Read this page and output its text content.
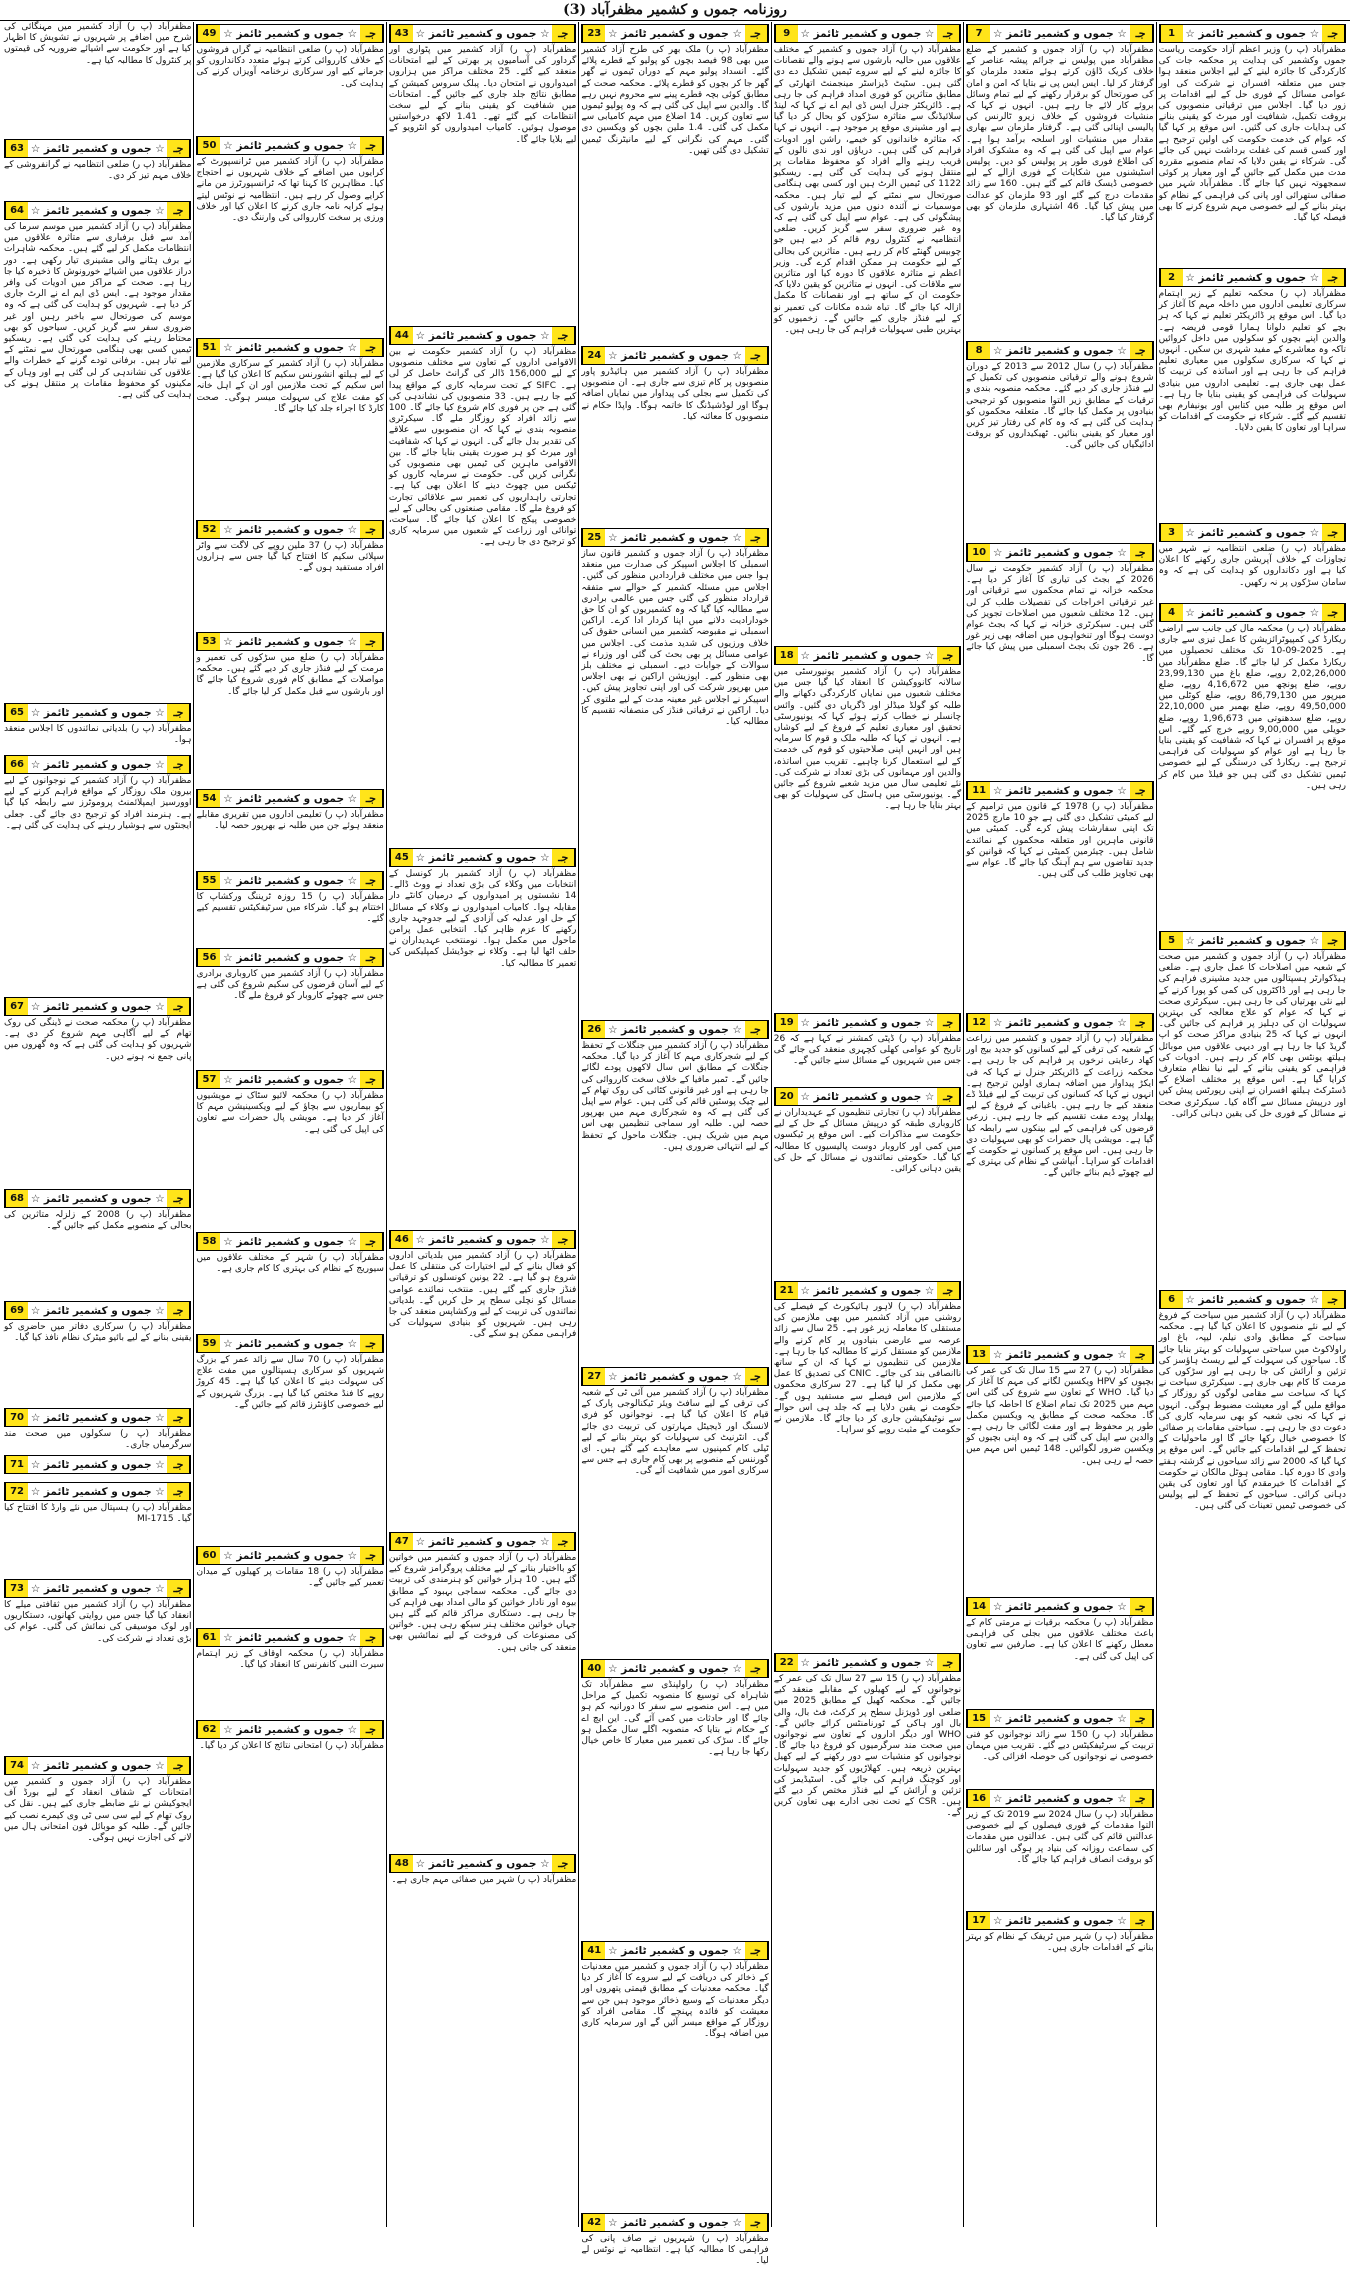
روزنامہ جموں و کشمیر مظفرآباد (3)
1 ☆ جموں و کشمیر ٹائمز ☆ جـ
مظفرآباد (پ ر) وزیر اعظم آزاد حکومت ریاست جموں وکشمیر کی ہدایت پر محکمہ جات کی کارکردگی کا جائزہ لینے کے لیے اجلاس منعقد ہوا جس میں متعلقہ افسران نے شرکت کی اور عوامی مسائل کے فوری حل کے لیے اقدامات پر زور دیا گیا۔ اجلاس میں ترقیاتی منصوبوں کی بروقت تکمیل، شفافیت اور میرٹ کو یقینی بنانے کی ہدایات جاری کی گئیں۔ اس موقع پر کہا گیا کہ عوام کی خدمت حکومت کی اولین ترجیح ہے اور کسی قسم کی غفلت برداشت نہیں کی جائے گی۔ شرکاء نے یقین دلایا کہ تمام منصوبے مقررہ مدت میں مکمل کیے جائیں گے اور معیار پر کوئی سمجھوتہ نہیں کیا جائے گا۔ مظفرآباد شہر میں صفائی ستھرائی اور پانی کی فراہمی کے نظام کو بہتر بنانے کے لیے خصوصی مہم شروع کرنے کا بھی فیصلہ کیا گیا۔
2 ☆ جموں و کشمیر ٹائمز ☆ جـ
مظفرآباد (پ ر) محکمہ تعلیم کے زیر اہتمام سرکاری تعلیمی اداروں میں داخلہ مہم کا آغاز کر دیا گیا۔ اس موقع پر ڈائریکٹر تعلیم نے کہا کہ ہر بچے کو تعلیم دلوانا ہمارا قومی فریضہ ہے۔ والدین اپنے بچوں کو سکولوں میں داخل کروائیں تاکہ وہ معاشرے کے مفید شہری بن سکیں۔ انہوں نے کہا کہ سرکاری سکولوں میں معیاری تعلیم فراہم کی جا رہی ہے اور اساتذہ کی تربیت کا عمل بھی جاری ہے۔ تعلیمی اداروں میں بنیادی سہولیات کی فراہمی کو یقینی بنایا جا رہا ہے۔ اس موقع پر طلبہ میں کتابیں اور یونیفارم بھی تقسیم کیے گئے۔ شرکاء نے حکومت کے اقدامات کو سراہا اور تعاون کا یقین دلایا۔
3 ☆ جموں و کشمیر ٹائمز ☆ جـ
مظفرآباد (پ ر) ضلعی انتظامیہ نے شہر میں تجاوزات کے خلاف آپریشن جاری رکھنے کا اعلان کیا ہے اور دکانداروں کو ہدایت کی ہے کہ وہ سامان سڑکوں پر نہ رکھیں۔
4 ☆ جموں و کشمیر ٹائمز ☆ جـ
مظفرآباد (پ ر) محکمہ مال کی جانب سے اراضی ریکارڈ کی کمپیوٹرائزیشن کا عمل تیزی سے جاری ہے۔ 2025-09-10 تک مختلف تحصیلوں میں ریکارڈ مکمل کر لیا جائے گا۔ ضلع مظفرآباد میں 2,02,26,000 روپے، ضلع باغ میں 23,99,130 روپے، ضلع پونچھ میں 4,16,672 روپے، ضلع میرپور میں 86,79,130 روپے، ضلع کوٹلی میں 49,50,000 روپے، ضلع بھمبر میں 22,10,000 روپے، ضلع سدھنوتی میں 1,96,673 روپے، ضلع حویلی میں 9,00,000 روپے خرچ کیے گئے۔ اس موقع پر افسران نے کہا کہ شفافیت کو یقینی بنایا جا رہا ہے اور عوام کو سہولیات کی فراہمی ترجیح ہے۔ ریکارڈ کی درستگی کے لیے خصوصی ٹیمیں تشکیل دی گئی ہیں جو فیلڈ میں کام کر رہی ہیں۔
5 ☆ جموں و کشمیر ٹائمز ☆ جـ
مظفرآباد (پ ر) آزاد جموں و کشمیر میں صحت کے شعبہ میں اصلاحات کا عمل جاری ہے۔ ضلعی ہیڈکوارٹر ہسپتالوں میں جدید مشینری فراہم کی جا رہی ہے اور ڈاکٹروں کی کمی کو پورا کرنے کے لیے نئی بھرتیاں کی جا رہی ہیں۔ سیکرٹری صحت نے کہا کہ عوام کو علاج معالجہ کی بہترین سہولیات ان کی دہلیز پر فراہم کی جائیں گی۔ انہوں نے کہا کہ 25 بنیادی مراکز صحت کو اپ گریڈ کیا جا رہا ہے اور دیہی علاقوں میں موبائل ہیلتھ یونٹس بھی کام کر رہے ہیں۔ ادویات کی فراہمی کو یقینی بنانے کے لیے نیا نظام متعارف کرایا گیا ہے۔ اس موقع پر مختلف اضلاع کے ڈسٹرکٹ ہیلتھ افسران نے اپنی رپورٹس پیش کیں اور درپیش مسائل سے آگاہ کیا۔ سیکرٹری صحت نے مسائل کے فوری حل کی یقین دہانی کرائی۔
6 ☆ جموں و کشمیر ٹائمز ☆ جـ
مظفرآباد (پ ر) آزاد کشمیر میں سیاحت کے فروغ کے لیے نئے منصوبوں کا اعلان کیا گیا ہے۔ محکمہ سیاحت کے مطابق وادی نیلم، لیپہ، باغ اور راولاکوٹ میں سیاحتی سہولیات کو بہتر بنایا جائے گا۔ سیاحوں کی سہولت کے لیے ریسٹ ہاؤسز کی تزئین و آرائش کی جا رہی ہے اور سڑکوں کی مرمت کا کام بھی جاری ہے۔ سیکرٹری سیاحت نے کہا کہ سیاحت سے مقامی لوگوں کو روزگار کے مواقع ملیں گے اور معیشت مضبوط ہوگی۔ انہوں نے کہا کہ نجی شعبہ کو بھی سرمایہ کاری کی دعوت دی جا رہی ہے۔ سیاحتی مقامات پر صفائی کا خصوصی خیال رکھا جائے گا اور ماحولیات کے تحفظ کے لیے اقدامات کیے جائیں گے۔ اس موقع پر کہا گیا کہ 2000 سے زائد سیاحوں نے گزشتہ ہفتے وادی کا دورہ کیا۔ مقامی ہوٹل مالکان نے حکومت کے اقدامات کا خیرمقدم کیا اور تعاون کی یقین دہانی کرائی۔ سیاحوں کے تحفظ کے لیے پولیس کی خصوصی ٹیمیں تعینات کی گئی ہیں۔
7 ☆ جموں و کشمیر ٹائمز ☆ جـ
مظفرآباد (پ ر) آزاد جموں و کشمیر کے ضلع مظفرآباد میں پولیس نے جرائم پیشہ عناصر کے خلاف کریک ڈاؤن کرتے ہوئے متعدد ملزمان کو گرفتار کر لیا۔ ایس ایس پی نے بتایا کہ امن و امان کی صورتحال کو برقرار رکھنے کے لیے تمام وسائل بروئے کار لائے جا رہے ہیں۔ انہوں نے کہا کہ منشیات فروشوں کے خلاف زیرو ٹالرنس کی پالیسی اپنائی گئی ہے۔ گرفتار ملزمان سے بھاری مقدار میں منشیات اور اسلحہ برآمد ہوا ہے۔ عوام سے اپیل کی گئی ہے کہ وہ مشکوک افراد کی اطلاع فوری طور پر پولیس کو دیں۔ پولیس اسٹیشنوں میں شکایات کے فوری ازالے کے لیے خصوصی ڈیسک قائم کیے گئے ہیں۔ 160 سے زائد مقدمات درج کیے گئے اور 93 ملزمان کو عدالت میں پیش کیا گیا۔ 46 اشتہاری ملزمان کو بھی گرفتار کیا گیا۔
8 ☆ جموں و کشمیر ٹائمز ☆ جـ
مظفرآباد (پ ر) سال 2012 سے 2013 کے دوران شروع ہونے والے ترقیاتی منصوبوں کی تکمیل کے لیے فنڈز جاری کر دیے گئے۔ محکمہ منصوبہ بندی و ترقیات کے مطابق زیر التوا منصوبوں کو ترجیحی بنیادوں پر مکمل کیا جائے گا۔ متعلقہ محکموں کو ہدایت کی گئی ہے کہ وہ کام کی رفتار تیز کریں اور معیار کو یقینی بنائیں۔ ٹھیکیداروں کو بروقت ادائیگیاں کی جائیں گی۔
10 ☆ جموں و کشمیر ٹائمز ☆ جـ
مظفرآباد (پ ر) آزاد کشمیر حکومت نے سال 2026 کے بجٹ کی تیاری کا آغاز کر دیا ہے۔ محکمہ خزانہ نے تمام محکموں سے ترقیاتی اور غیر ترقیاتی اخراجات کی تفصیلات طلب کر لی ہیں۔ 12 مختلف شعبوں میں اصلاحات تجویز کی گئی ہیں۔ سیکرٹری خزانہ نے کہا کہ بجٹ عوام دوست ہوگا اور تنخواہوں میں اضافہ بھی زیر غور ہے۔ 26 جون تک بجٹ اسمبلی میں پیش کیا جائے گا۔
11 ☆ جموں و کشمیر ٹائمز ☆ جـ
مظفرآباد (پ ر) 1978 کے قانون میں ترامیم کے لیے کمیٹی تشکیل دی گئی ہے جو 10 مارچ 2025 تک اپنی سفارشات پیش کرے گی۔ کمیٹی میں قانونی ماہرین اور متعلقہ محکموں کے نمائندے شامل ہیں۔ چیئرمین کمیٹی نے کہا کہ قوانین کو جدید تقاضوں سے ہم آہنگ کیا جائے گا۔ عوام سے بھی تجاویز طلب کی گئی ہیں۔
12 ☆ جموں و کشمیر ٹائمز ☆ جـ
مظفرآباد (پ ر) آزاد جموں و کشمیر میں زراعت کے شعبہ کی ترقی کے لیے کسانوں کو جدید بیج اور کھاد رعایتی نرخوں پر فراہم کی جا رہی ہے۔ محکمہ زراعت کے ڈائریکٹر جنرل نے کہا کہ فی ایکڑ پیداوار میں اضافہ ہماری اولین ترجیح ہے۔ انہوں نے کہا کہ کسانوں کی تربیت کے لیے فیلڈ ڈے منعقد کیے جا رہے ہیں۔ باغبانی کے فروغ کے لیے پھلدار پودے مفت تقسیم کیے جا رہے ہیں۔ زرعی قرضوں کی فراہمی کے لیے بینکوں سے رابطہ کیا گیا ہے۔ مویشی پال حضرات کو بھی سہولیات دی جا رہی ہیں۔ اس موقع پر کسانوں نے حکومت کے اقدامات کو سراہا۔ آبپاشی کے نظام کی بہتری کے لیے چھوٹے ڈیم بنائے جائیں گے۔
13 ☆ جموں و کشمیر ٹائمز ☆ جـ
مظفرآباد (پ ر) 27 سے 15 سال تک کی عمر کی بچیوں کو HPV ویکسین لگانے کی مہم کا آغاز کر دیا گیا۔ WHO کے تعاون سے شروع کی گئی اس مہم میں 2025 تک تمام اضلاع کا احاطہ کیا جائے گا۔ محکمہ صحت کے مطابق یہ ویکسین مکمل طور پر محفوظ ہے اور مفت لگائی جا رہی ہے۔ والدین سے اپیل کی گئی ہے کہ وہ اپنی بچیوں کو ویکسین ضرور لگوائیں۔ 148 ٹیمیں اس مہم میں حصہ لے رہی ہیں۔
14 ☆ جموں و کشمیر ٹائمز ☆ جـ
مظفرآباد (پ ر) محکمہ برقیات نے مرمتی کام کے باعث مختلف علاقوں میں بجلی کی فراہمی معطل رکھنے کا اعلان کیا ہے۔ صارفین سے تعاون کی اپیل کی گئی ہے۔
15 ☆ جموں و کشمیر ٹائمز ☆ جـ
مظفرآباد (پ ر) 150 سے زائد نوجوانوں کو فنی تربیت کے سرٹیفکیٹس دیے گئے۔ تقریب میں مہمان خصوصی نے نوجوانوں کی حوصلہ افزائی کی۔
16 ☆ جموں و کشمیر ٹائمز ☆ جـ
مظفرآباد (پ ر) سال 2024 سے 2019 تک کے زیر التوا مقدمات کے فوری فیصلوں کے لیے خصوصی عدالتیں قائم کی گئی ہیں۔ عدالتوں میں مقدمات کی سماعت روزانہ کی بنیاد پر ہوگی اور سائلین کو بروقت انصاف فراہم کیا جائے گا۔
17 ☆ جموں و کشمیر ٹائمز ☆ جـ
مظفرآباد (پ ر) شہر میں ٹریفک کے نظام کو بہتر بنانے کے اقدامات جاری ہیں۔
9 ☆ جموں و کشمیر ٹائمز ☆ جـ
مظفرآباد (پ ر) آزاد جموں و کشمیر کے مختلف علاقوں میں حالیہ بارشوں سے ہونے والے نقصانات کا جائزہ لینے کے لیے سروے ٹیمیں تشکیل دے دی گئی ہیں۔ سٹیٹ ڈیزاسٹر مینجمنٹ اتھارٹی کے مطابق متاثرین کو فوری امداد فراہم کی جا رہی ہے۔ ڈائریکٹر جنرل ایس ڈی ایم اے نے کہا کہ لینڈ سلائیڈنگ سے متاثرہ سڑکوں کو بحال کر دیا گیا ہے اور مشینری موقع پر موجود ہے۔ انہوں نے کہا کہ متاثرہ خاندانوں کو خیمے، راشن اور ادویات فراہم کی گئی ہیں۔ دریاؤں اور ندی نالوں کے قریب رہنے والے افراد کو محفوظ مقامات پر منتقل ہونے کی ہدایت کی گئی ہے۔ ریسکیو 1122 کی ٹیمیں الرٹ ہیں اور کسی بھی ہنگامی صورتحال سے نمٹنے کے لیے تیار ہیں۔ محکمہ موسمیات نے آئندہ دنوں میں مزید بارشوں کی پیشگوئی کی ہے۔ عوام سے اپیل کی گئی ہے کہ وہ غیر ضروری سفر سے گریز کریں۔ ضلعی انتظامیہ نے کنٹرول روم قائم کر دیے ہیں جو چوبیس گھنٹے کام کر رہے ہیں۔ متاثرین کی بحالی کے لیے حکومت ہر ممکن اقدام کرے گی۔ وزیر اعظم نے متاثرہ علاقوں کا دورہ کیا اور متاثرین سے ملاقات کی۔ انہوں نے متاثرین کو یقین دلایا کہ حکومت ان کے ساتھ ہے اور نقصانات کا مکمل ازالہ کیا جائے گا۔ تباہ شدہ مکانات کی تعمیر نو کے لیے فنڈز جاری کیے جائیں گے۔ زخمیوں کو بہترین طبی سہولیات فراہم کی جا رہی ہیں۔
18 ☆ جموں و کشمیر ٹائمز ☆ جـ
مظفرآباد (پ ر) آزاد کشمیر یونیورسٹی میں سالانہ کانووکیشن کا انعقاد کیا گیا جس میں مختلف شعبوں میں نمایاں کارکردگی دکھانے والے طلبہ کو گولڈ میڈلز اور ڈگریاں دی گئیں۔ وائس چانسلر نے خطاب کرتے ہوئے کہا کہ یونیورسٹی تحقیق اور معیاری تعلیم کے فروغ کے لیے کوشاں ہے۔ انہوں نے کہا کہ طلبہ ملک و قوم کا سرمایہ ہیں اور انہیں اپنی صلاحیتوں کو قوم کی خدمت کے لیے استعمال کرنا چاہیے۔ تقریب میں اساتذہ، والدین اور مہمانوں کی بڑی تعداد نے شرکت کی۔ نئے تعلیمی سال میں مزید شعبے شروع کیے جائیں گے۔ یونیورسٹی میں ہاسٹل کی سہولیات کو بھی بہتر بنایا جا رہا ہے۔
19 ☆ جموں و کشمیر ٹائمز ☆ جـ
مظفرآباد (پ ر) ڈپٹی کمشنر نے کہا ہے کہ 26 تاریخ کو عوامی کھلی کچہری منعقد کی جائے گی جس میں شہریوں کے مسائل سنے جائیں گے۔
20 ☆ جموں و کشمیر ٹائمز ☆ جـ
مظفرآباد (پ ر) تجارتی تنظیموں کے عہدیداران نے کاروباری طبقہ کو درپیش مسائل کے حل کے لیے حکومت سے مذاکرات کیے۔ اس موقع پر ٹیکسوں میں کمی اور کاروبار دوست پالیسیوں کا مطالبہ کیا گیا۔ حکومتی نمائندوں نے مسائل کے حل کی یقین دہانی کرائی۔
21 ☆ جموں و کشمیر ٹائمز ☆ جـ
مظفرآباد (پ ر) لاہور ہائیکورٹ کے فیصلے کی روشنی میں آزاد کشمیر میں بھی ملازمین کی مستقلی کا معاملہ زیر غور ہے۔ 25 سال سے زائد عرصہ سے عارضی بنیادوں پر کام کرنے والے ملازمین کو مستقل کرنے کا مطالبہ کیا جا رہا ہے۔ ملازمین کی تنظیموں نے کہا کہ ان کے ساتھ ناانصافی بند کی جائے۔ CNIC کی تصدیق کا عمل بھی مکمل کر لیا گیا ہے۔ 27 سرکاری محکموں کے ملازمین اس فیصلے سے مستفید ہوں گے۔ حکومت نے یقین دلایا ہے کہ جلد ہی اس حوالے سے نوٹیفکیشن جاری کر دیا جائے گا۔ ملازمین نے حکومت کے مثبت رویے کو سراہا۔
22 ☆ جموں و کشمیر ٹائمز ☆ جـ
مظفرآباد (پ ر) 15 سے 27 سال تک کی عمر کے نوجوانوں کے لیے کھیلوں کے مقابلے منعقد کیے جائیں گے۔ محکمہ کھیل کے مطابق 2025 میں ضلعی اور ڈویژنل سطح پر کرکٹ، فٹ بال، والی بال اور ہاکی کے ٹورنامنٹس کرائے جائیں گے۔ WHO اور دیگر اداروں کے تعاون سے نوجوانوں میں صحت مند سرگرمیوں کو فروغ دیا جائے گا۔ نوجوانوں کو منشیات سے دور رکھنے کے لیے کھیل بہترین ذریعہ ہیں۔ کھلاڑیوں کو جدید سہولیات اور کوچنگ فراہم کی جائے گی۔ اسٹیڈیمز کی تزئین و آرائش کے لیے فنڈز مختص کر دیے گئے ہیں۔ CSR کے تحت نجی ادارے بھی تعاون کریں گے۔
23 ☆ جموں و کشمیر ٹائمز ☆ جـ
مظفرآباد (پ ر) ملک بھر کی طرح آزاد کشمیر میں بھی 98 فیصد بچوں کو پولیو کے قطرے پلائے گئے۔ انسداد پولیو مہم کے دوران ٹیموں نے گھر گھر جا کر بچوں کو قطرے پلائے۔ محکمہ صحت کے مطابق کوئی بچہ قطرے پینے سے محروم نہیں رہے گا۔ والدین سے اپیل کی گئی ہے کہ وہ پولیو ٹیموں سے تعاون کریں۔ 14 اضلاع میں مہم کامیابی سے مکمل کی گئی۔ 1.4 ملین بچوں کو ویکسین دی گئی۔ مہم کی نگرانی کے لیے مانیٹرنگ ٹیمیں تشکیل دی گئی تھیں۔
24 ☆ جموں و کشمیر ٹائمز ☆ جـ
مظفرآباد (پ ر) آزاد کشمیر میں ہائیڈرو پاور منصوبوں پر کام تیزی سے جاری ہے۔ ان منصوبوں کی تکمیل سے بجلی کی پیداوار میں نمایاں اضافہ ہوگا اور لوڈشیڈنگ کا خاتمہ ہوگا۔ واپڈا حکام نے منصوبوں کا معائنہ کیا۔
25 ☆ جموں و کشمیر ٹائمز ☆ جـ
مظفرآباد (پ ر) آزاد جموں و کشمیر قانون ساز اسمبلی کا اجلاس اسپیکر کی صدارت میں منعقد ہوا جس میں مختلف قراردادیں منظور کی گئیں۔ اجلاس میں مسئلہ کشمیر کے حوالے سے متفقہ قرارداد منظور کی گئی جس میں عالمی برادری سے مطالبہ کیا گیا کہ وہ کشمیریوں کو ان کا حق خودارادیت دلانے میں اپنا کردار ادا کرے۔ اراکین اسمبلی نے مقبوضہ کشمیر میں انسانی حقوق کی خلاف ورزیوں کی شدید مذمت کی۔ اجلاس میں عوامی مسائل پر بھی بحث کی گئی اور وزراء نے سوالات کے جوابات دیے۔ اسمبلی نے مختلف بلز بھی منظور کیے۔ اپوزیشن اراکین نے بھی اجلاس میں بھرپور شرکت کی اور اپنی تجاویز پیش کیں۔ اسپیکر نے اجلاس غیر معینہ مدت کے لیے ملتوی کر دیا۔ اراکین نے ترقیاتی فنڈز کی منصفانہ تقسیم کا مطالبہ کیا۔
26 ☆ جموں و کشمیر ٹائمز ☆ جـ
مظفرآباد (پ ر) آزاد کشمیر میں جنگلات کے تحفظ کے لیے شجرکاری مہم کا آغاز کر دیا گیا۔ محکمہ جنگلات کے مطابق اس سال لاکھوں پودے لگائے جائیں گے۔ ٹمبر مافیا کے خلاف سخت کارروائی کی جا رہی ہے اور غیر قانونی کٹائی کی روک تھام کے لیے چیک پوسٹیں قائم کی گئی ہیں۔ عوام سے اپیل کی گئی ہے کہ وہ شجرکاری مہم میں بھرپور حصہ لیں۔ طلبہ اور سماجی تنظیمیں بھی اس مہم میں شریک ہیں۔ جنگلات ماحول کے تحفظ کے لیے انتہائی ضروری ہیں۔
27 ☆ جموں و کشمیر ٹائمز ☆ جـ
مظفرآباد (پ ر) آزاد کشمیر میں آئی ٹی کے شعبہ کی ترقی کے لیے سافٹ ویئر ٹیکنالوجی پارک کے قیام کا اعلان کیا گیا ہے۔ نوجوانوں کو فری لانسنگ اور ڈیجیٹل مہارتوں کی تربیت دی جائے گی۔ انٹرنیٹ کی سہولیات کو بہتر بنانے کے لیے ٹیلی کام کمپنیوں سے معاہدے کیے گئے ہیں۔ ای گورننس کے منصوبے پر بھی کام جاری ہے جس سے سرکاری امور میں شفافیت آئے گی۔
40 ☆ جموں و کشمیر ٹائمز ☆ جـ
مظفرآباد (پ ر) راولپنڈی سے مظفرآباد تک شاہراہ کی توسیع کا منصوبہ تکمیل کے مراحل میں ہے۔ اس منصوبے سے سفر کا دورانیہ کم ہو جائے گا اور حادثات میں کمی آئے گی۔ این ایچ اے کے حکام نے بتایا کہ منصوبہ اگلے سال مکمل ہو جائے گا۔ سڑک کی تعمیر میں معیار کا خاص خیال رکھا جا رہا ہے۔
41 ☆ جموں و کشمیر ٹائمز ☆ جـ
مظفرآباد (پ ر) آزاد جموں و کشمیر میں معدنیات کے ذخائر کی دریافت کے لیے سروے کا آغاز کر دیا گیا۔ محکمہ معدنیات کے مطابق قیمتی پتھروں اور دیگر معدنیات کے وسیع ذخائر موجود ہیں جن سے معیشت کو فائدہ پہنچے گا۔ مقامی افراد کو روزگار کے مواقع میسر آئیں گے اور سرمایہ کاری میں اضافہ ہوگا۔
42 ☆ جموں و کشمیر ٹائمز ☆ جـ
مظفرآباد (پ ر) شہریوں نے صاف پانی کی فراہمی کا مطالبہ کیا ہے۔ انتظامیہ نے نوٹس لے لیا۔
43 ☆ جموں و کشمیر ٹائمز ☆ جـ
مظفرآباد (پ ر) آزاد کشمیر میں پٹواری اور گرداور کی آسامیوں پر بھرتی کے لیے امتحانات منعقد کیے گئے۔ 25 مختلف مراکز میں ہزاروں امیدواروں نے امتحان دیا۔ پبلک سروس کمیشن کے مطابق نتائج جلد جاری کیے جائیں گے۔ امتحانات میں شفافیت کو یقینی بنانے کے لیے سخت انتظامات کیے گئے تھے۔ 1.41 لاکھ درخواستیں موصول ہوئیں۔ کامیاب امیدواروں کو انٹرویو کے لیے بلایا جائے گا۔
44 ☆ جموں و کشمیر ٹائمز ☆ جـ
مظفرآباد (پ ر) آزاد کشمیر حکومت نے بین الاقوامی اداروں کے تعاون سے مختلف منصوبوں کے لیے 156,000 ڈالر کی گرانٹ حاصل کر لی ہے۔ SIFC کے تحت سرمایہ کاری کے مواقع پیدا کیے جا رہے ہیں۔ 33 منصوبوں کی نشاندہی کی گئی ہے جن پر فوری کام شروع کیا جائے گا۔ 100 سے زائد افراد کو روزگار ملے گا۔ سیکرٹری منصوبہ بندی نے کہا کہ ان منصوبوں سے علاقے کی تقدیر بدل جائے گی۔ انہوں نے کہا کہ شفافیت اور میرٹ کو ہر صورت یقینی بنایا جائے گا۔ بین الاقوامی ماہرین کی ٹیمیں بھی منصوبوں کی نگرانی کریں گی۔ حکومت نے سرمایہ کاروں کو ٹیکس میں چھوٹ دینے کا اعلان بھی کیا ہے۔ تجارتی راہداریوں کی تعمیر سے علاقائی تجارت کو فروغ ملے گا۔ مقامی صنعتوں کی بحالی کے لیے خصوصی پیکج کا اعلان کیا جائے گا۔ سیاحت، توانائی اور زراعت کے شعبوں میں سرمایہ کاری کو ترجیح دی جا رہی ہے۔
45 ☆ جموں و کشمیر ٹائمز ☆ جـ
مظفرآباد (پ ر) آزاد کشمیر بار کونسل کے انتخابات میں وکلاء کی بڑی تعداد نے ووٹ ڈالے۔ 14 نشستوں پر امیدواروں کے درمیان کانٹے دار مقابلہ ہوا۔ کامیاب امیدواروں نے وکلاء کے مسائل کے حل اور عدلیہ کی آزادی کے لیے جدوجہد جاری رکھنے کا عزم ظاہر کیا۔ انتخابی عمل پرامن ماحول میں مکمل ہوا۔ نومنتخب عہدیداران نے حلف اٹھا لیا ہے۔ وکلاء نے جوڈیشل کمپلیکس کی تعمیر کا مطالبہ کیا۔
46 ☆ جموں و کشمیر ٹائمز ☆ جـ
مظفرآباد (پ ر) آزاد کشمیر میں بلدیاتی اداروں کو فعال بنانے کے لیے اختیارات کی منتقلی کا عمل شروع ہو گیا ہے۔ 22 یونین کونسلوں کو ترقیاتی فنڈز جاری کیے گئے ہیں۔ منتخب نمائندے عوامی مسائل کو نچلی سطح پر حل کریں گے۔ بلدیاتی نمائندوں کی تربیت کے لیے ورکشاپس منعقد کی جا رہی ہیں۔ شہریوں کو بنیادی سہولیات کی فراہمی ممکن ہو سکے گی۔
47 ☆ جموں و کشمیر ٹائمز ☆ جـ
مظفرآباد (پ ر) آزاد جموں و کشمیر میں خواتین کو بااختیار بنانے کے لیے مختلف پروگرامز شروع کیے گئے ہیں۔ 10 ہزار خواتین کو ہنرمندی کی تربیت دی جائے گی۔ محکمہ سماجی بہبود کے مطابق بیوہ اور نادار خواتین کو مالی امداد بھی فراہم کی جا رہی ہے۔ دستکاری مراکز قائم کیے گئے ہیں جہاں خواتین مختلف ہنر سیکھ رہی ہیں۔ خواتین کی مصنوعات کی فروخت کے لیے نمائشیں بھی منعقد کی جاتی ہیں۔
48 ☆ جموں و کشمیر ٹائمز ☆ جـ
مظفرآباد (پ ر) شہر میں صفائی مہم جاری ہے۔
49 ☆ جموں و کشمیر ٹائمز ☆ جـ
مظفرآباد (پ ر) ضلعی انتظامیہ نے گراں فروشوں کے خلاف کارروائی کرتے ہوئے متعدد دکانداروں کو جرمانے کیے اور سرکاری نرخنامہ آویزاں کرنے کی ہدایت کی۔
50 ☆ جموں و کشمیر ٹائمز ☆ جـ
مظفرآباد (پ ر) آزاد کشمیر میں ٹرانسپورٹ کے کرایوں میں اضافے کے خلاف شہریوں نے احتجاج کیا۔ مظاہرین کا کہنا تھا کہ ٹرانسپورٹرز من مانے کرایے وصول کر رہے ہیں۔ انتظامیہ نے نوٹس لیتے ہوئے کرایہ نامہ جاری کرنے کا اعلان کیا اور خلاف ورزی پر سخت کارروائی کی وارننگ دی۔
51 ☆ جموں و کشمیر ٹائمز ☆ جـ
مظفرآباد (پ ر) آزاد کشمیر کے سرکاری ملازمین کے لیے ہیلتھ انشورنس سکیم کا اعلان کیا گیا ہے۔ اس سکیم کے تحت ملازمین اور ان کے اہل خانہ کو مفت علاج کی سہولت میسر ہوگی۔ صحت کارڈ کا اجراء جلد کیا جائے گا۔
52 ☆ جموں و کشمیر ٹائمز ☆ جـ
مظفرآباد (پ ر) 37 ملین روپے کی لاگت سے واٹر سپلائی سکیم کا افتتاح کیا گیا جس سے ہزاروں افراد مستفید ہوں گے۔
53 ☆ جموں و کشمیر ٹائمز ☆ جـ
مظفرآباد (پ ر) ضلع میں سڑکوں کی تعمیر و مرمت کے لیے فنڈز جاری کر دیے گئے ہیں۔ محکمہ مواصلات کے مطابق کام فوری شروع کیا جائے گا اور بارشوں سے قبل مکمل کر لیا جائے گا۔
54 ☆ جموں و کشمیر ٹائمز ☆ جـ
مظفرآباد (پ ر) تعلیمی اداروں میں تقریری مقابلے منعقد ہوئے جن میں طلبہ نے بھرپور حصہ لیا۔
55 ☆ جموں و کشمیر ٹائمز ☆ جـ
مظفرآباد (پ ر) 15 روزہ ٹریننگ ورکشاپ کا اختتام ہو گیا۔ شرکاء میں سرٹیفکیٹس تقسیم کیے گئے۔
56 ☆ جموں و کشمیر ٹائمز ☆ جـ
مظفرآباد (پ ر) آزاد کشمیر میں کاروباری برادری کے لیے آسان قرضوں کی سکیم شروع کی گئی ہے جس سے چھوٹے کاروبار کو فروغ ملے گا۔
57 ☆ جموں و کشمیر ٹائمز ☆ جـ
مظفرآباد (پ ر) محکمہ لائیو سٹاک نے مویشیوں کو بیماریوں سے بچاؤ کے لیے ویکسینیشن مہم کا آغاز کر دیا ہے۔ مویشی پال حضرات سے تعاون کی اپیل کی گئی ہے۔
58 ☆ جموں و کشمیر ٹائمز ☆ جـ
مظفرآباد (پ ر) شہر کے مختلف علاقوں میں سیوریج کے نظام کی بہتری کا کام جاری ہے۔
59 ☆ جموں و کشمیر ٹائمز ☆ جـ
مظفرآباد (پ ر) 70 سال سے زائد عمر کے بزرگ شہریوں کو سرکاری ہسپتالوں میں مفت علاج کی سہولت دینے کا اعلان کیا گیا ہے۔ 45 کروڑ روپے کا فنڈ مختص کیا گیا ہے۔ بزرگ شہریوں کے لیے خصوصی کاؤنٹرز قائم کیے جائیں گے۔
60 ☆ جموں و کشمیر ٹائمز ☆ جـ
مظفرآباد (پ ر) 18 مقامات پر کھیلوں کے میدان تعمیر کیے جائیں گے۔
61 ☆ جموں و کشمیر ٹائمز ☆ جـ
مظفرآباد (پ ر) محکمہ اوقاف کے زیر اہتمام سیرت النبی کانفرنس کا انعقاد کیا گیا۔
62 ☆ جموں و کشمیر ٹائمز ☆ جـ
مظفرآباد (پ ر) امتحانی نتائج کا اعلان کر دیا گیا۔
مظفرآباد (پ ر) آزاد کشمیر میں مہنگائی کی شرح میں اضافے پر شہریوں نے تشویش کا اظہار کیا ہے اور حکومت سے اشیائے ضروریہ کی قیمتوں پر کنٹرول کا مطالبہ کیا ہے۔
63 ☆ جموں و کشمیر ٹائمز ☆ جـ
مظفرآباد (پ ر) ضلعی انتظامیہ نے گرانفروشی کے خلاف مہم تیز کر دی۔
64 ☆ جموں و کشمیر ٹائمز ☆ جـ
مظفرآباد (پ ر) آزاد کشمیر میں موسم سرما کی آمد سے قبل برفباری سے متاثرہ علاقوں میں انتظامات مکمل کر لیے گئے ہیں۔ محکمہ شاہرات نے برف ہٹانے والی مشینری تیار رکھی ہے۔ دور دراز علاقوں میں اشیائے خورونوش کا ذخیرہ کیا جا رہا ہے۔ صحت کے مراکز میں ادویات کی وافر مقدار موجود ہے۔ ایس ڈی ایم اے نے الرٹ جاری کر دیا ہے۔ شہریوں کو ہدایت کی گئی ہے کہ وہ موسم کی صورتحال سے باخبر رہیں اور غیر ضروری سفر سے گریز کریں۔ سیاحوں کو بھی محتاط رہنے کی ہدایت کی گئی ہے۔ ریسکیو ٹیمیں کسی بھی ہنگامی صورتحال سے نمٹنے کے لیے تیار ہیں۔ برفانی تودے گرنے کے خطرات والے علاقوں کی نشاندہی کر لی گئی ہے اور وہاں کے مکینوں کو محفوظ مقامات پر منتقل ہونے کی ہدایت کی گئی ہے۔
65 ☆ جموں و کشمیر ٹائمز ☆ جـ
مظفرآباد (پ ر) بلدیاتی نمائندوں کا اجلاس منعقد ہوا۔
66 ☆ جموں و کشمیر ٹائمز ☆ جـ
مظفرآباد (پ ر) آزاد کشمیر کے نوجوانوں کے لیے بیرون ملک روزگار کے مواقع فراہم کرنے کے لیے اوورسیز ایمپلائمنٹ پروموٹرز سے رابطہ کیا گیا ہے۔ ہنرمند افراد کو ترجیح دی جائے گی۔ جعلی ایجنٹوں سے ہوشیار رہنے کی ہدایت کی گئی ہے۔
67 ☆ جموں و کشمیر ٹائمز ☆ جـ
مظفرآباد (پ ر) محکمہ صحت نے ڈینگی کی روک تھام کے لیے آگاہی مہم شروع کر دی ہے۔ شہریوں کو ہدایت کی گئی ہے کہ وہ گھروں میں پانی جمع نہ ہونے دیں۔
68 ☆ جموں و کشمیر ٹائمز ☆ جـ
مظفرآباد (پ ر) 2008 کے زلزلہ متاثرین کی بحالی کے منصوبے مکمل کیے جائیں گے۔
69 ☆ جموں و کشمیر ٹائمز ☆ جـ
مظفرآباد (پ ر) سرکاری دفاتر میں حاضری کو یقینی بنانے کے لیے بائیو میٹرک نظام نافذ کیا گیا۔
70 ☆ جموں و کشمیر ٹائمز ☆ جـ
مظفرآباد (پ ر) سکولوں میں صحت مند سرگرمیاں جاری۔
71 ☆ جموں و کشمیر ٹائمز ☆ جـ
72 ☆ جموں و کشمیر ٹائمز ☆ جـ
مظفرآباد (پ ر) ہسپتال میں نئے وارڈ کا افتتاح کیا گیا۔ MI-1715
73 ☆ جموں و کشمیر ٹائمز ☆ جـ
مظفرآباد (پ ر) آزاد کشمیر میں ثقافتی میلے کا انعقاد کیا گیا جس میں روایتی کھانوں، دستکاریوں اور لوک موسیقی کی نمائش کی گئی۔ عوام کی بڑی تعداد نے شرکت کی۔
74 ☆ جموں و کشمیر ٹائمز ☆ جـ
مظفرآباد (پ ر) آزاد جموں و کشمیر میں امتحانات کے شفاف انعقاد کے لیے بورڈ آف ایجوکیشن نے نئے ضابطے جاری کیے ہیں۔ نقل کی روک تھام کے لیے سی سی ٹی وی کیمرے نصب کیے جائیں گے۔ طلبہ کو موبائل فون امتحانی ہال میں لانے کی اجازت نہیں ہوگی۔
